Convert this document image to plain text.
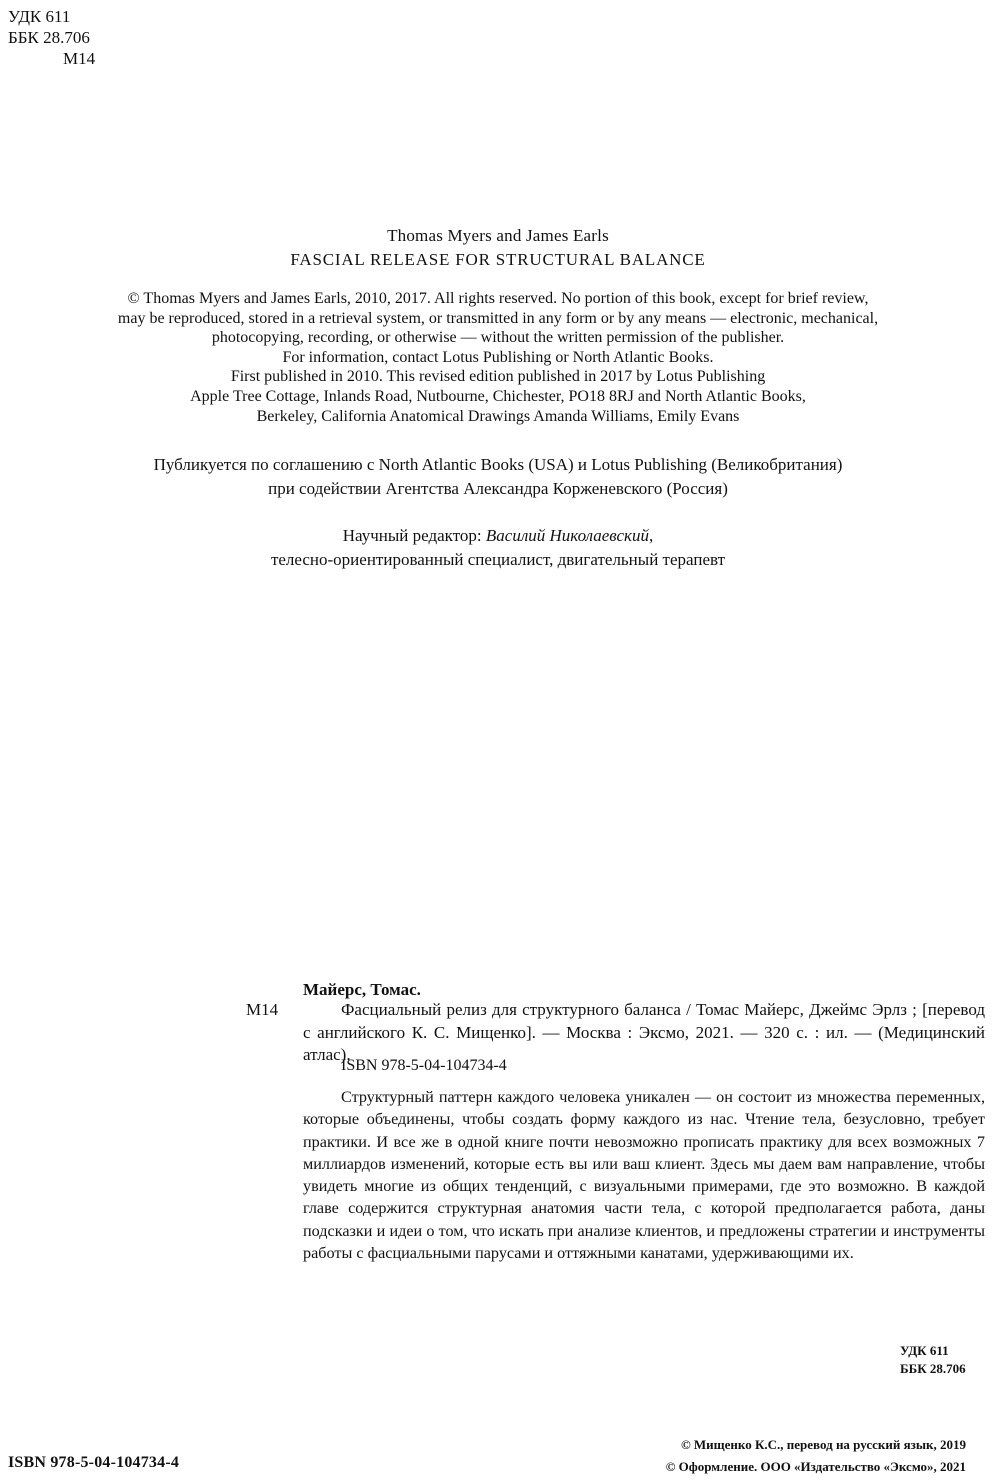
УДК 611
ББК 28.706
М14
Thomas Myers and James Earls
FASCIAL RELEASE FOR STRUCTURAL BALANCE
© Thomas Myers and James Earls, 2010, 2017. All rights reserved. No portion of this book, except for brief review,
may be reproduced, stored in a retrieval system, or transmitted in any form or by any means — electronic, mechanical,
photocopying, recording, or otherwise — without the written permission of the publisher.
For information, contact Lotus Publishing or North Atlantic Books.
First published in 2010. This revised edition published in 2017 by Lotus Publishing
Apple Tree Cottage, Inlands Road, Nutbourne, Chichester, PO18 8RJ and North Atlantic Books,
Berkeley, California Anatomical Drawings Amanda Williams, Emily Evans
Публикуется по соглашению с North Atlantic Books (USA) и Lotus Publishing (Великобритания)
при содействии Агентства Александра Корженевского (Россия)
Научный редактор: Василий Николаевский,
телесно-ориентированный специалист, двигательный терапевт
Майерс, Томас.
М14	Фасциальный релиз для структурного баланса / Томас Майерс, Джеймс Эрлз ; [перевод с английского К. С. Мищенко]. — Москва : Эксмо, 2021. — 320 с. : ил. — (Медицинский атлас).
ISBN 978-5-04-104734-4
Структурный паттерн каждого человека уникален — он состоит из множества переменных, которые объединены, чтобы создать форму каждого из нас. Чтение тела, безусловно, требует практики. И все же в одной книге почти невозможно прописать практику для всех возможных 7 миллиардов изменений, которые есть вы или ваш клиент. Здесь мы даем вам направление, чтобы увидеть многие из общих тенденций, с визуальными примерами, где это возможно. В каждой главе содержится структурная анатомия части тела, с которой предполагается работа, даны подсказки и идеи о том, что искать при анализе клиентов, и предложены стратегии и инструменты работы с фасциальными парусами и оттяжными канатами, удерживающими их.
УДК 611
ББК 28.706
© Мищенко К.С., перевод на русский язык, 2019
© Оформление. ООО «Издательство «Эксмо», 2021
ISBN 978-5-04-104734-4
